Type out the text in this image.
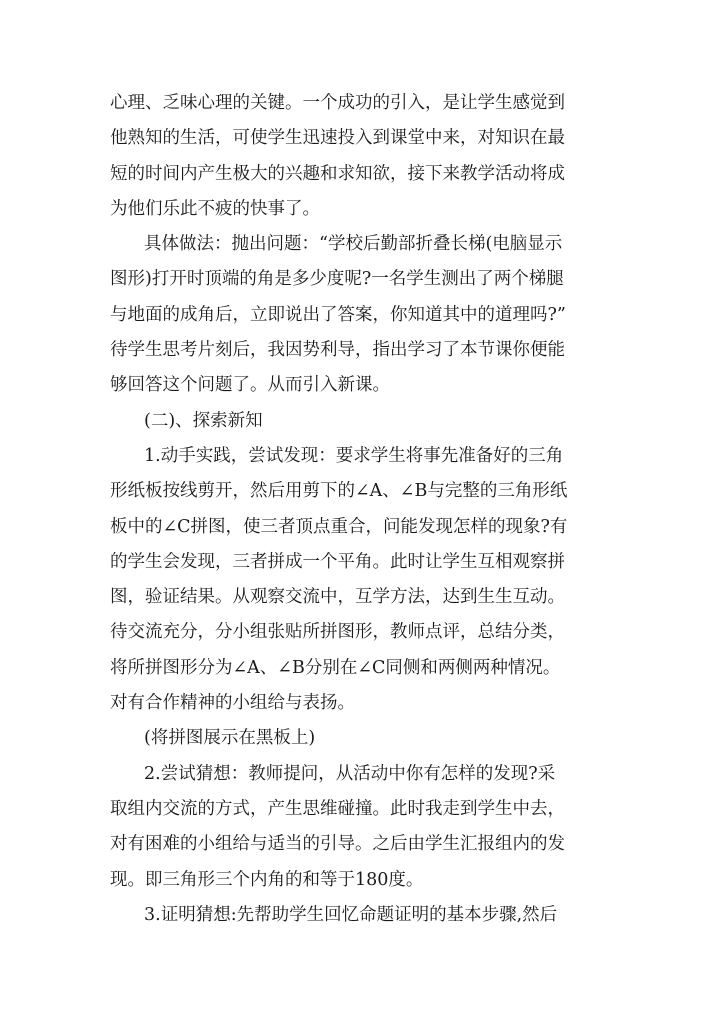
心理、乏味心理的关键。一个成功的引入，是让学生感觉到
他熟知的生活，可使学生迅速投入到课堂中来，对知识在最
短的时间内产生极大的兴趣和求知欲，接下来教学活动将成
为他们乐此不疲的快事了。
具体做法：抛出问题：“学校后勤部折叠长梯(电脑显示
图形)打开时顶端的角是多少度呢?一名学生测出了两个梯腿
与地面的成角后，立即说出了答案，你知道其中的道理吗?”
待学生思考片刻后，我因势利导，指出学习了本节课你便能
够回答这个问题了。从而引入新课。
(二)、探索新知
1.动手实践，尝试发现：要求学生将事先准备好的三角
形纸板按线剪开，然后用剪下的∠A、∠B与完整的三角形纸
板中的∠C拼图，使三者顶点重合，问能发现怎样的现象?有
的学生会发现，三者拼成一个平角。此时让学生互相观察拼
图，验证结果。从观察交流中，互学方法，达到生生互动。
待交流充分，分小组张贴所拼图形，教师点评，总结分类，
将所拼图形分为∠A、∠B分别在∠C同侧和两侧两种情况。
对有合作精神的小组给与表扬。
(将拼图展示在黑板上)
2.尝试猜想：教师提问，从活动中你有怎样的发现?采
取组内交流的方式，产生思维碰撞。此时我走到学生中去，
对有困难的小组给与适当的引导。之后由学生汇报组内的发
现。即三角形三个内角的和等于180度。
3.证明猜想:先帮助学生回忆命题证明的基本步骤,然后
